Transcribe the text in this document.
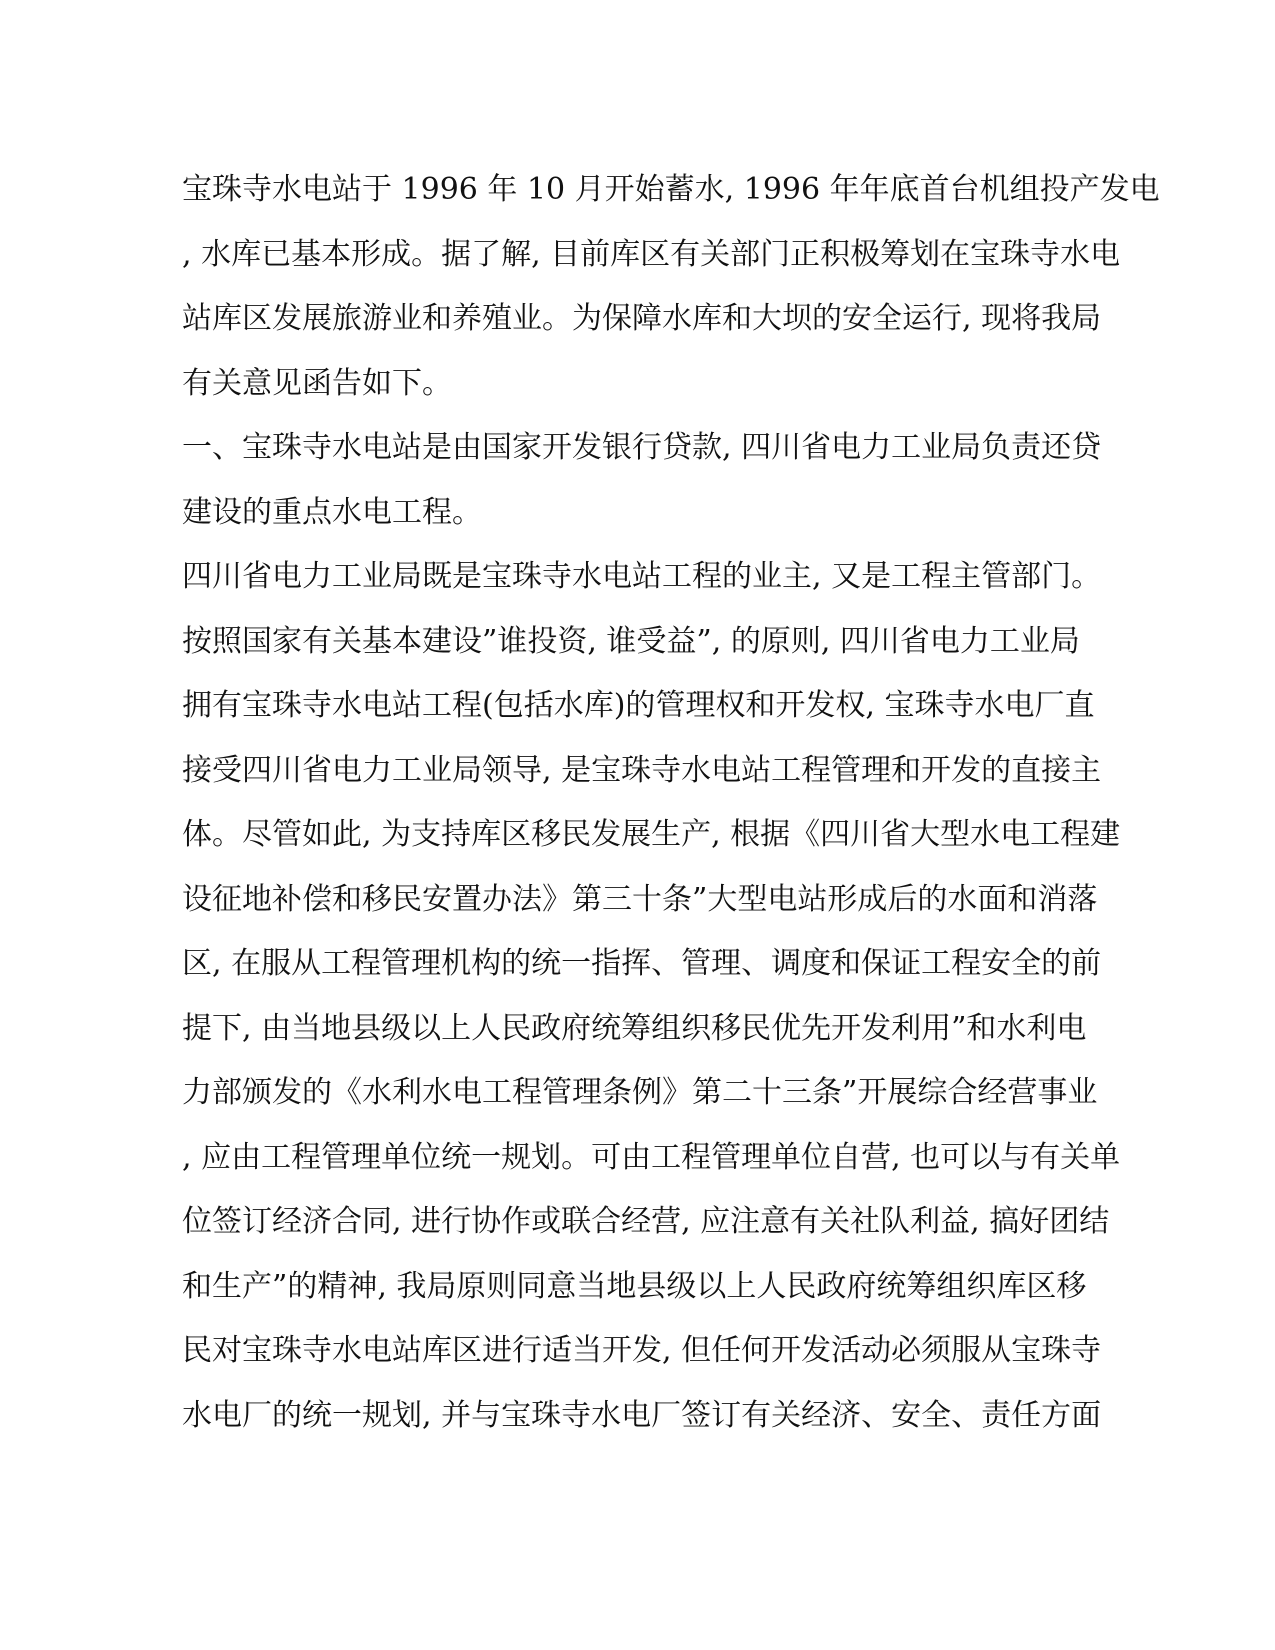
宝珠寺水电站于 1996 年 10 月开始蓄水, 1996 年年底首台机组投产发电
, 水库已基本形成。据了解, 目前库区有关部门正积极筹划在宝珠寺水电
站库区发展旅游业和养殖业。为保障水库和大坝的安全运行, 现将我局
有关意见函告如下。
一、宝珠寺水电站是由国家开发银行贷款, 四川省电力工业局负责还贷
建设的重点水电工程。
四川省电力工业局既是宝珠寺水电站工程的业主, 又是工程主管部门。
按照国家有关基本建设”谁投资, 谁受益”, 的原则, 四川省电力工业局
拥有宝珠寺水电站工程(包括水库)的管理权和开发权, 宝珠寺水电厂直
接受四川省电力工业局领导, 是宝珠寺水电站工程管理和开发的直接主
体。尽管如此, 为支持库区移民发展生产, 根据《四川省大型水电工程建
设征地补偿和移民安置办法》第三十条”大型电站形成后的水面和消落
区, 在服从工程管理机构的统一指挥、管理、调度和保证工程安全的前
提下, 由当地县级以上人民政府统筹组织移民优先开发利用”和水利电
力部颁发的《水利水电工程管理条例》第二十三条”开展综合经营事业
, 应由工程管理单位统一规划。可由工程管理单位自营, 也可以与有关单
位签订经济合同, 进行协作或联合经营, 应注意有关社队利益, 搞好团结
和生产”的精神, 我局原则同意当地县级以上人民政府统筹组织库区移
民对宝珠寺水电站库区进行适当开发, 但任何开发活动必须服从宝珠寺
水电厂的统一规划, 并与宝珠寺水电厂签订有关经济、安全、责任方面
